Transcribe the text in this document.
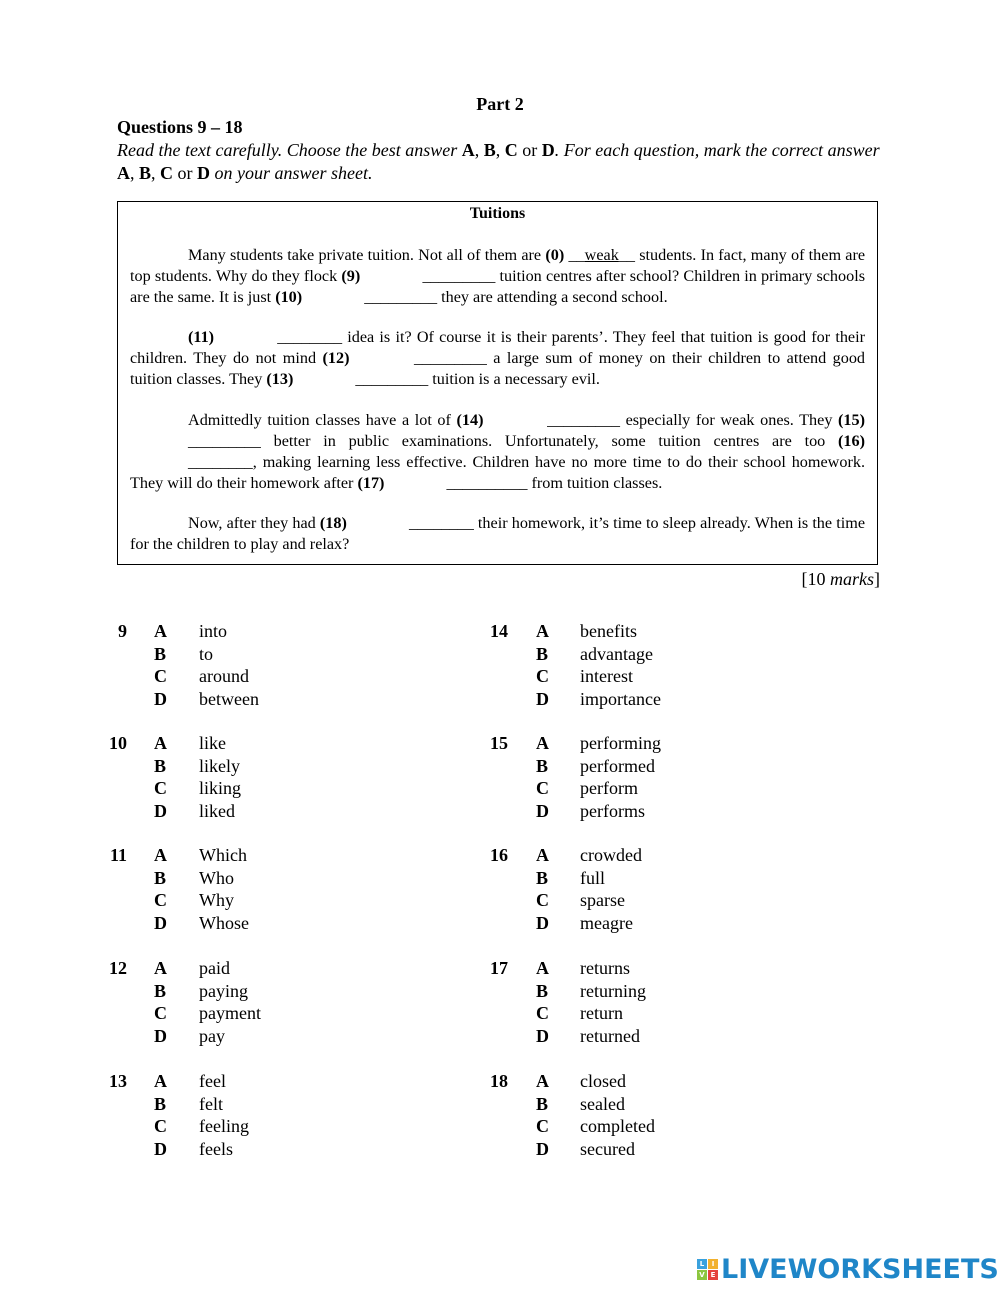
Part 2
Questions 9 – 18
Read the text carefully. Choose the best answer A, B, C or D. For each question, mark the correct answer A, B, C or D on your answer sheet.
Tuitions
Many students take private tuition. Not all of them are (0) __weak__ students. In fact, many of them are top students. Why do they flock (9)	_________ tuition centres after school? Children in primary schools are the same. It is just (10)	_________ they are attending a second school.
(11)	________ idea is it? Of course it is their parents’. They feel that tuition is good for their children. They do not mind (12)	_________ a large sum of money on their children to attend good tuition classes. They (13)	_________ tuition is a necessary evil.
Admittedly tuition classes have a lot of (14)	_________ especially for weak ones. They (15) _________ better in public examinations. Unfortunately, some tuition centres are too (16) ________, making learning less effective. Children have no more time to do their school homework. They will do their homework after (17)	__________ from tuition classes.
Now, after they had (18)	________ their homework, it’s time to sleep already. When is the time for the children to play and relax?
[10 marks]
9 A into
B to
C around
D between
10 A like
B likely
C liking
D liked
11 A Which
B Who
C Why
D Whose
12 A paid
B paying
C payment
D pay
13 A feel
B felt
C feeling
D feels
14 A benefits
B advantage
C interest
D importance
15 A performing
B performed
C perform
D performs
16 A crowded
B full
C sparse
D meagre
17 A returns
B returning
C return
D returned
18 A closed
B sealed
C completed
D secured
L	I
V E LIVEWORKSHEETS
